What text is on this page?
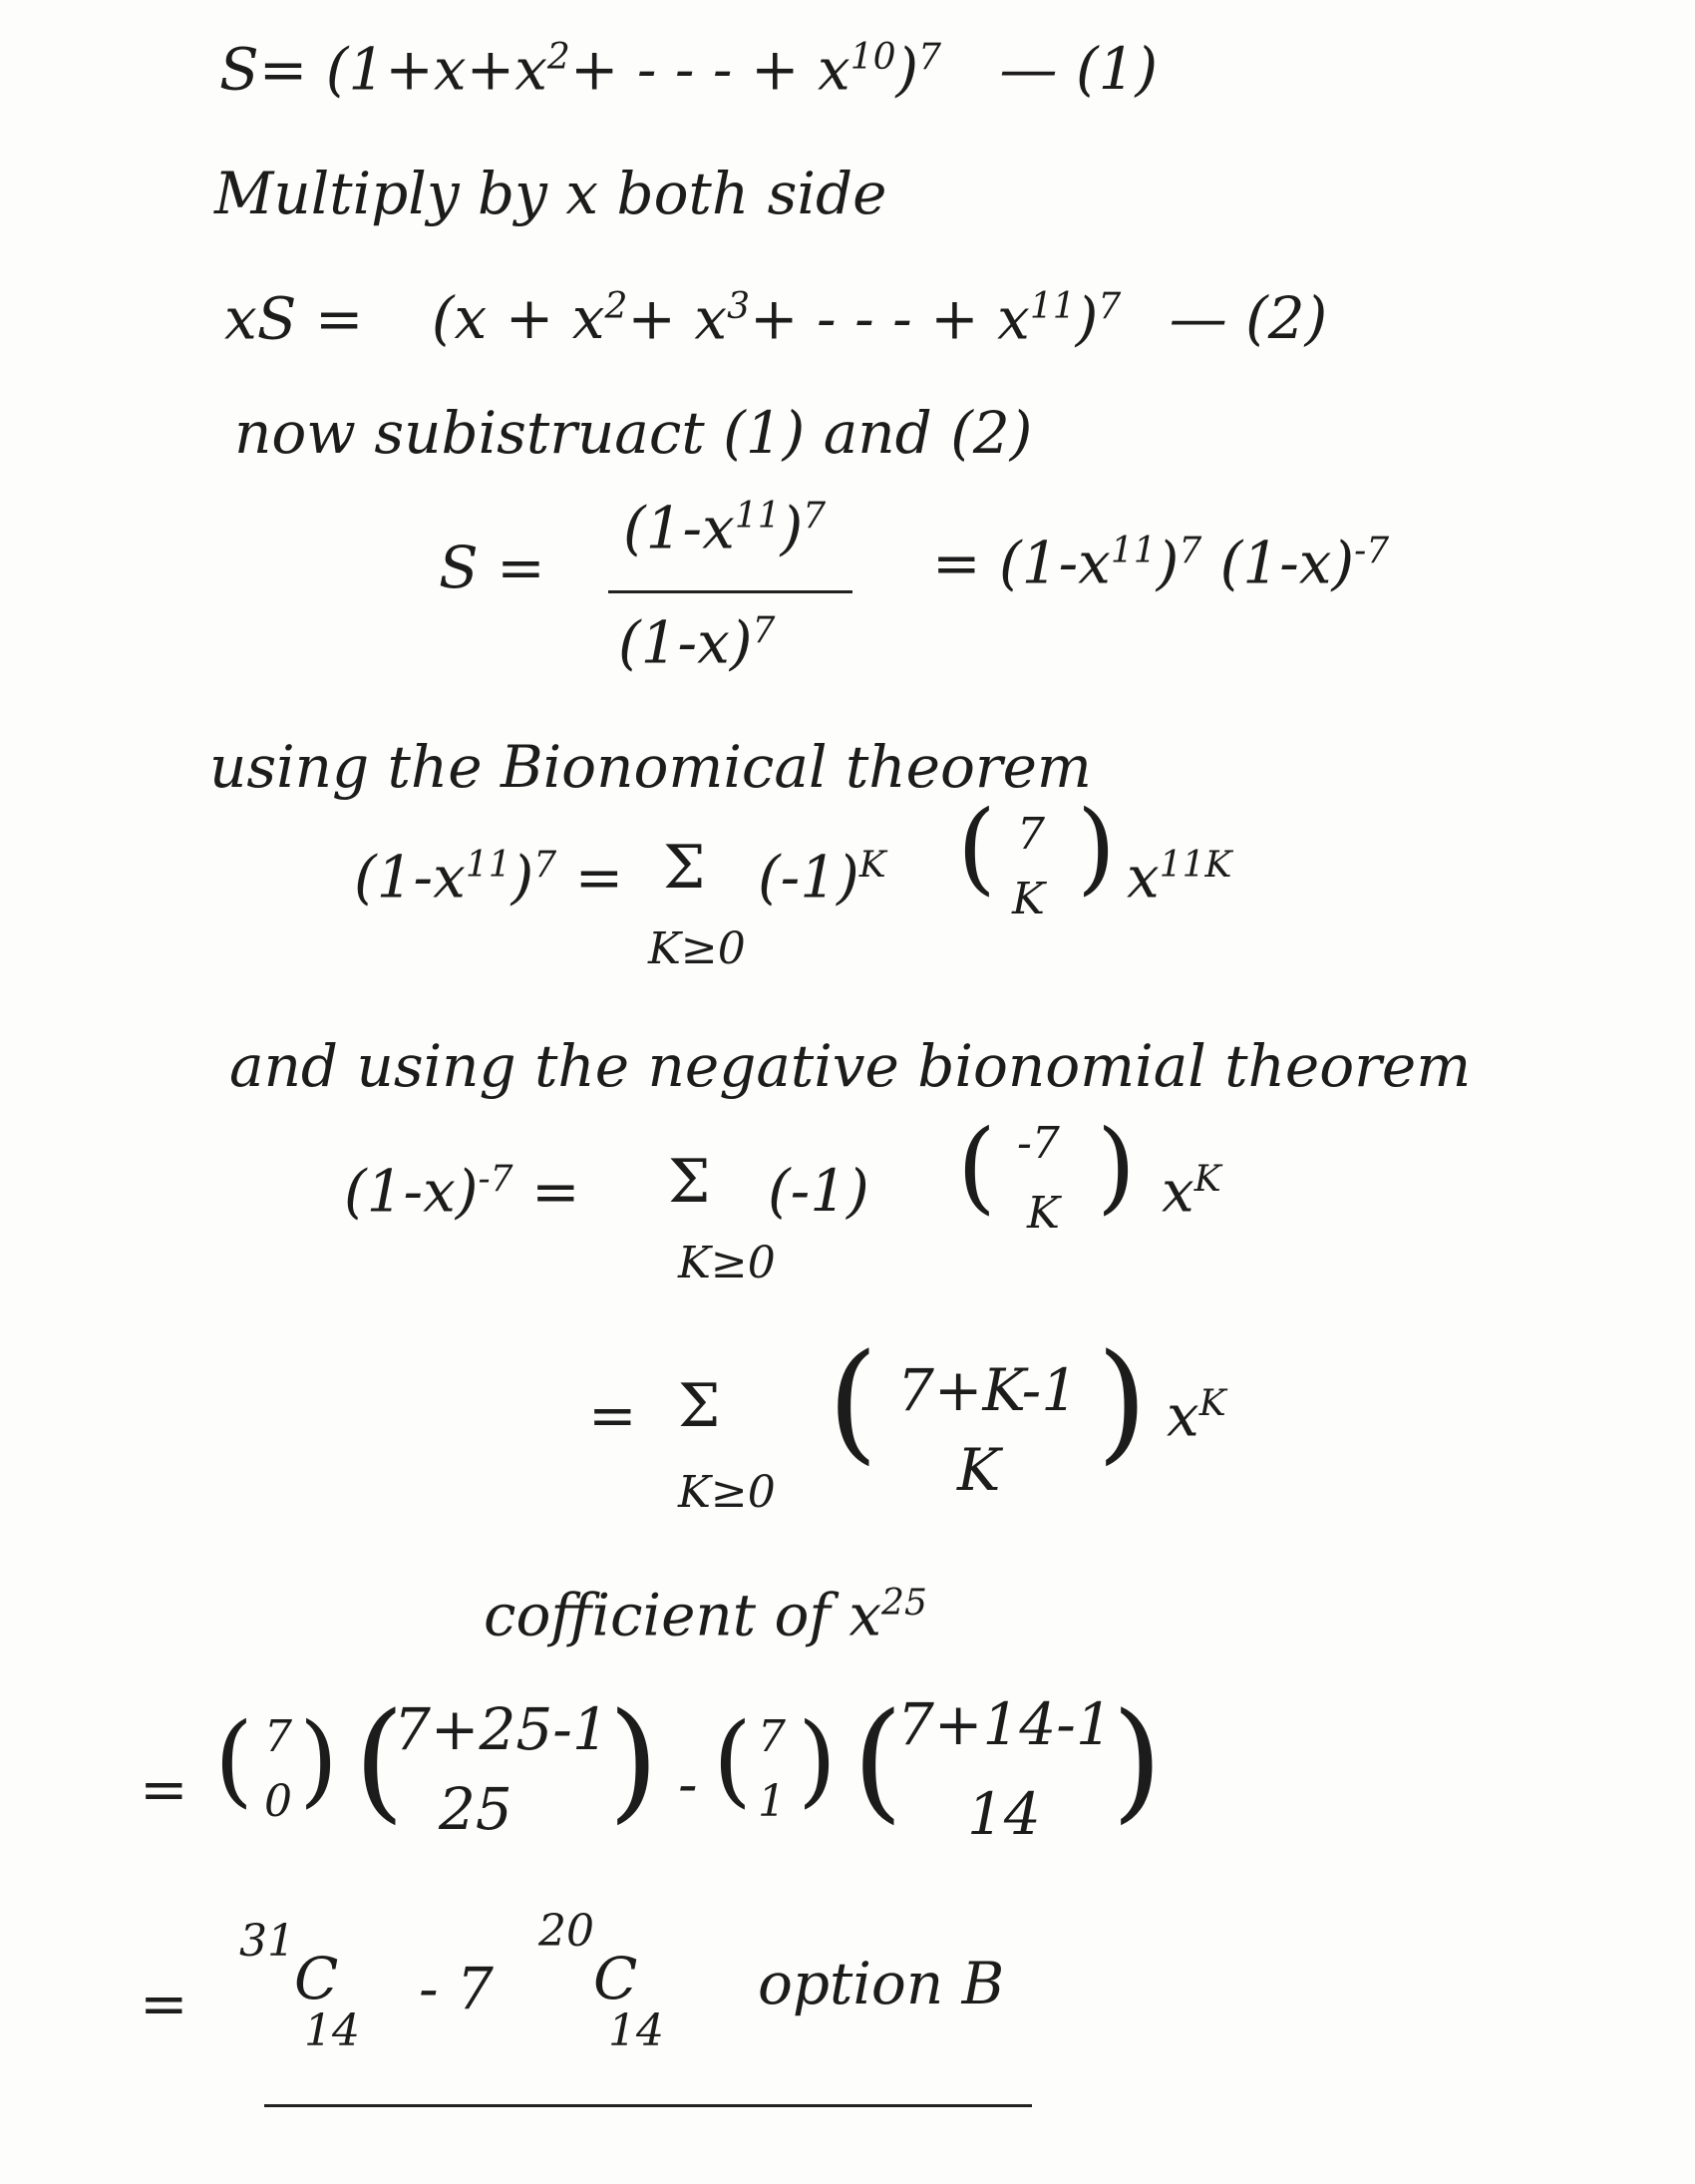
$S= (1+x+x^2+$ - - - + $x^{10})^7$ — (1)
Multiply by x both side
xS = ($x + x^2+ x^3+$ - - - + $x^{11})^7$ — (2)
now subistruact (1) and (2)
S =
$(1-x^{11})^7$
$(1-x)^7$
= $(1-x^{11})^7$ $(1-x)^{-7}$
using the Bionomical theorem
$(1-x^{11})^7 = \Sigma$
K≥0
$(-1)^K$ ( 7
K ) $x^{11K}$
and using the negative bionomial theorem
$(1-x)^{-7} = \Sigma$
K≥0
(-1) ( -7
K ) $x^K$
= Σ
K≥0
( 7+K-1
K ) $x^K$
cofficient of $x^{25}$
= ( 7
0 ) (
7+25-1
25 ) - ( 7
1 ) (
7+14-1
14 )
=
31
C
14
- 7
20
C
14
option B
